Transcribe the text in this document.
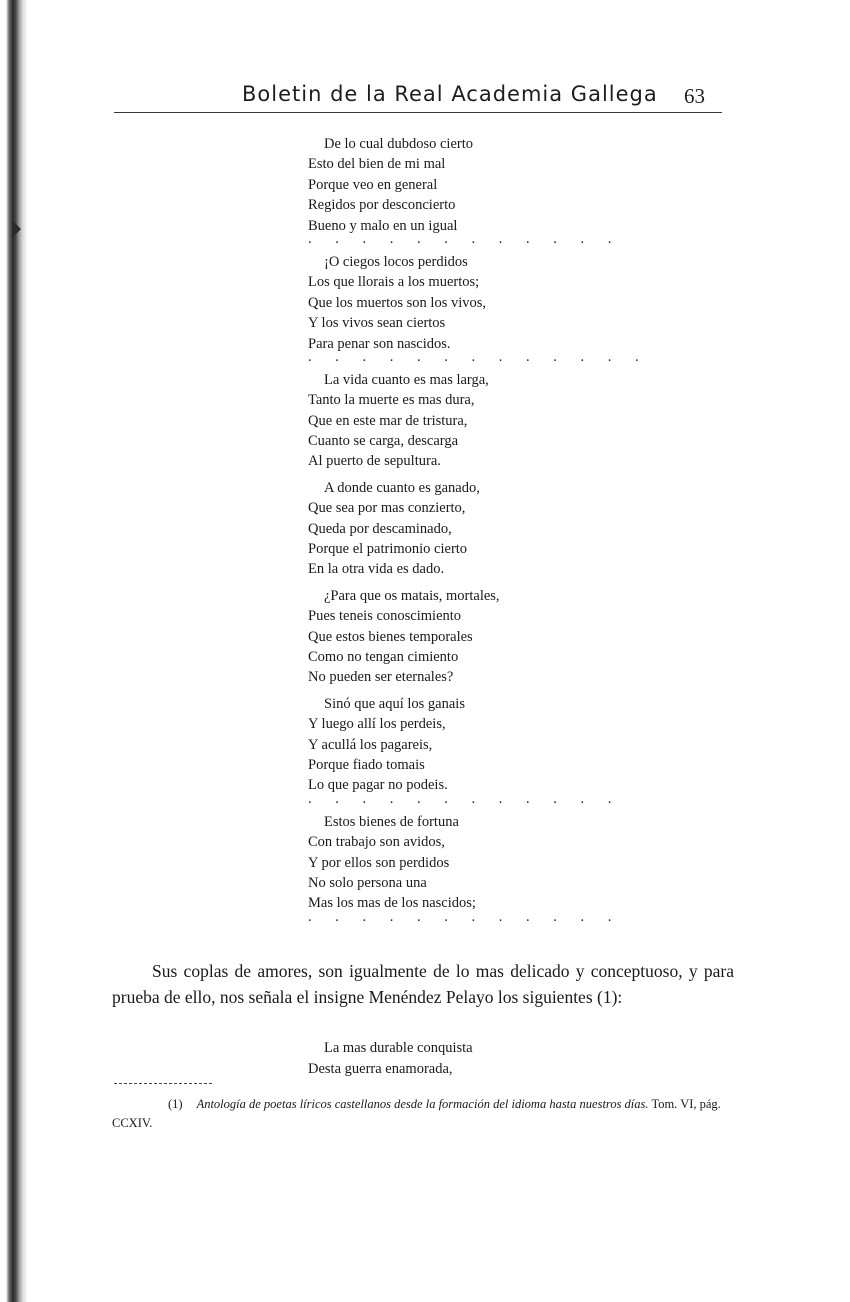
Boletin de la Real Academia Gallega 63
De lo cual dubdoso cierto
Esto del bien de mi mal
Porque veo en general
Regidos por desconcierto
Bueno y malo en un igual
. . . . . . . . . . . .
¡O ciegos locos perdidos
Los que llorais a los muertos;
Que los muertos son los vivos,
Y los vivos sean ciertos
Para penar son nascidos.
. . . . . . . . . . . . .
La vida cuanto es mas larga,
Tanto la muerte es mas dura,
Que en este mar de tristura,
Cuanto se carga, descarga
Al puerto de sepultura.
A donde cuanto es ganado,
Que sea por mas conzierto,
Queda por descaminado,
Porque el patrimonio cierto
En la otra vida es dado.
¿Para que os matais, mortales,
Pues teneis conoscimiento
Que estos bienes temporales
Como no tengan cimiento
No pueden ser eternales?
Sinó que aquí los ganais
Y luego allí los perdeis,
Y acullá los pagareis,
Porque fiado tomais
Lo que pagar no podeis.
. . . . . . . . . . . .
Estos bienes de fortuna
Con trabajo son avidos,
Y por ellos son perdidos
No solo persona una
Mas los mas de los nascidos;
. . . . . . . . . . . .

Sus coplas de amores, son igualmente de lo mas delicado y conceptuoso, y para prueba de ello, nos señala el insigne Menéndez Pelayo los siguientes (1):

La mas durable conquista
Desta guerra enamorada,
(1) Antología de poetas líricos castellanos desde la formación del idioma hasta nuestros días. Tom. VI, pág. CCXIV.
